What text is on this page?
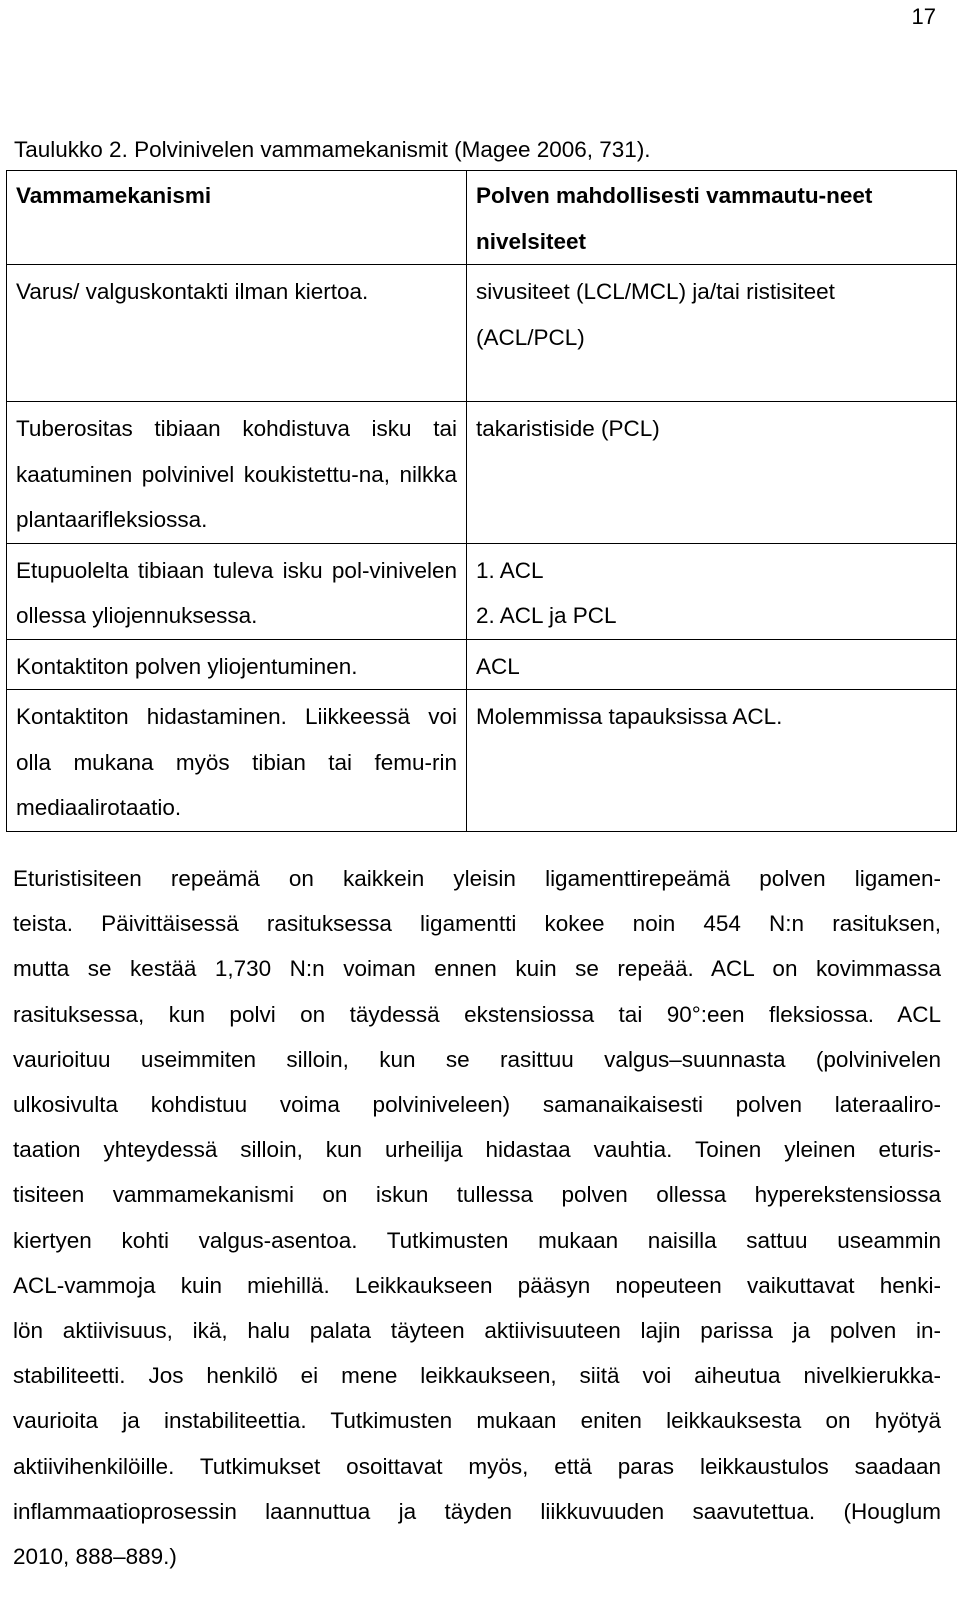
17
Taulukko 2. Polvinivelen vammamekanismit (Magee 2006, 731).
Vammamekanismi	Polven mahdollisesti vammautu-neet nivelsiteet
Varus/ valguskontakti ilman kiertoa.	sivusiteet (LCL/MCL) ja/tai ristisiteet (ACL/PCL)

Tuberositas tibiaan kohdistuva isku tai kaatuminen polvinivel koukistettu-na, nilkka plantaarifleksiossa.	takaristiside (PCL)

Etupuolelta tibiaan tuleva isku pol-vinivelen ollessa yliojennuksessa.	1. ACL
2. ACL ja PCL

Kontaktiton polven yliojentuminen.	ACL

Kontaktiton hidastaminen. Liikkeessä voi olla mukana myös tibian tai femu-rin mediaalirotaatio.	Molemmissa tapauksissa ACL.
Eturistisiteen repeämä on kaikkein yleisin ligamenttirepeämä polven ligamen-
teista. Päivittäisessä rasituksessa ligamentti kokee noin 454 N:n rasituksen,
mutta se kestää 1,730 N:n voiman ennen kuin se repeää. ACL on kovimmassa
rasituksessa, kun polvi on täydessä ekstensiossa tai 90°:een fleksiossa. ACL
vaurioituu useimmiten silloin, kun se rasittuu valgus–suunnasta (polvinivelen
ulkosivulta kohdistuu voima polviniveleen) samanaikaisesti polven lateraaliro-
taation yhteydessä silloin, kun urheilija hidastaa vauhtia. Toinen yleinen eturis-
tisiteen vammamekanismi on iskun tullessa polven ollessa hyperekstensiossa
kiertyen kohti valgus-asentoa. Tutkimusten mukaan naisilla sattuu useammin
ACL-vammoja kuin miehillä. Leikkaukseen pääsyn nopeuteen vaikuttavat henki-
lön aktiivisuus, ikä, halu palata täyteen aktiivisuuteen lajin parissa ja polven in-
stabiliteetti. Jos henkilö ei mene leikkaukseen, siitä voi aiheutua nivelkierukka-
vaurioita ja instabiliteettia. Tutkimusten mukaan eniten leikkauksesta on hyötyä
aktiivihenkilöille. Tutkimukset osoittavat myös, että paras leikkaustulos saadaan
inflammaatioprosessin laannuttua ja täyden liikkuvuuden saavutettua. (Houglum
2010, 888–889.)
